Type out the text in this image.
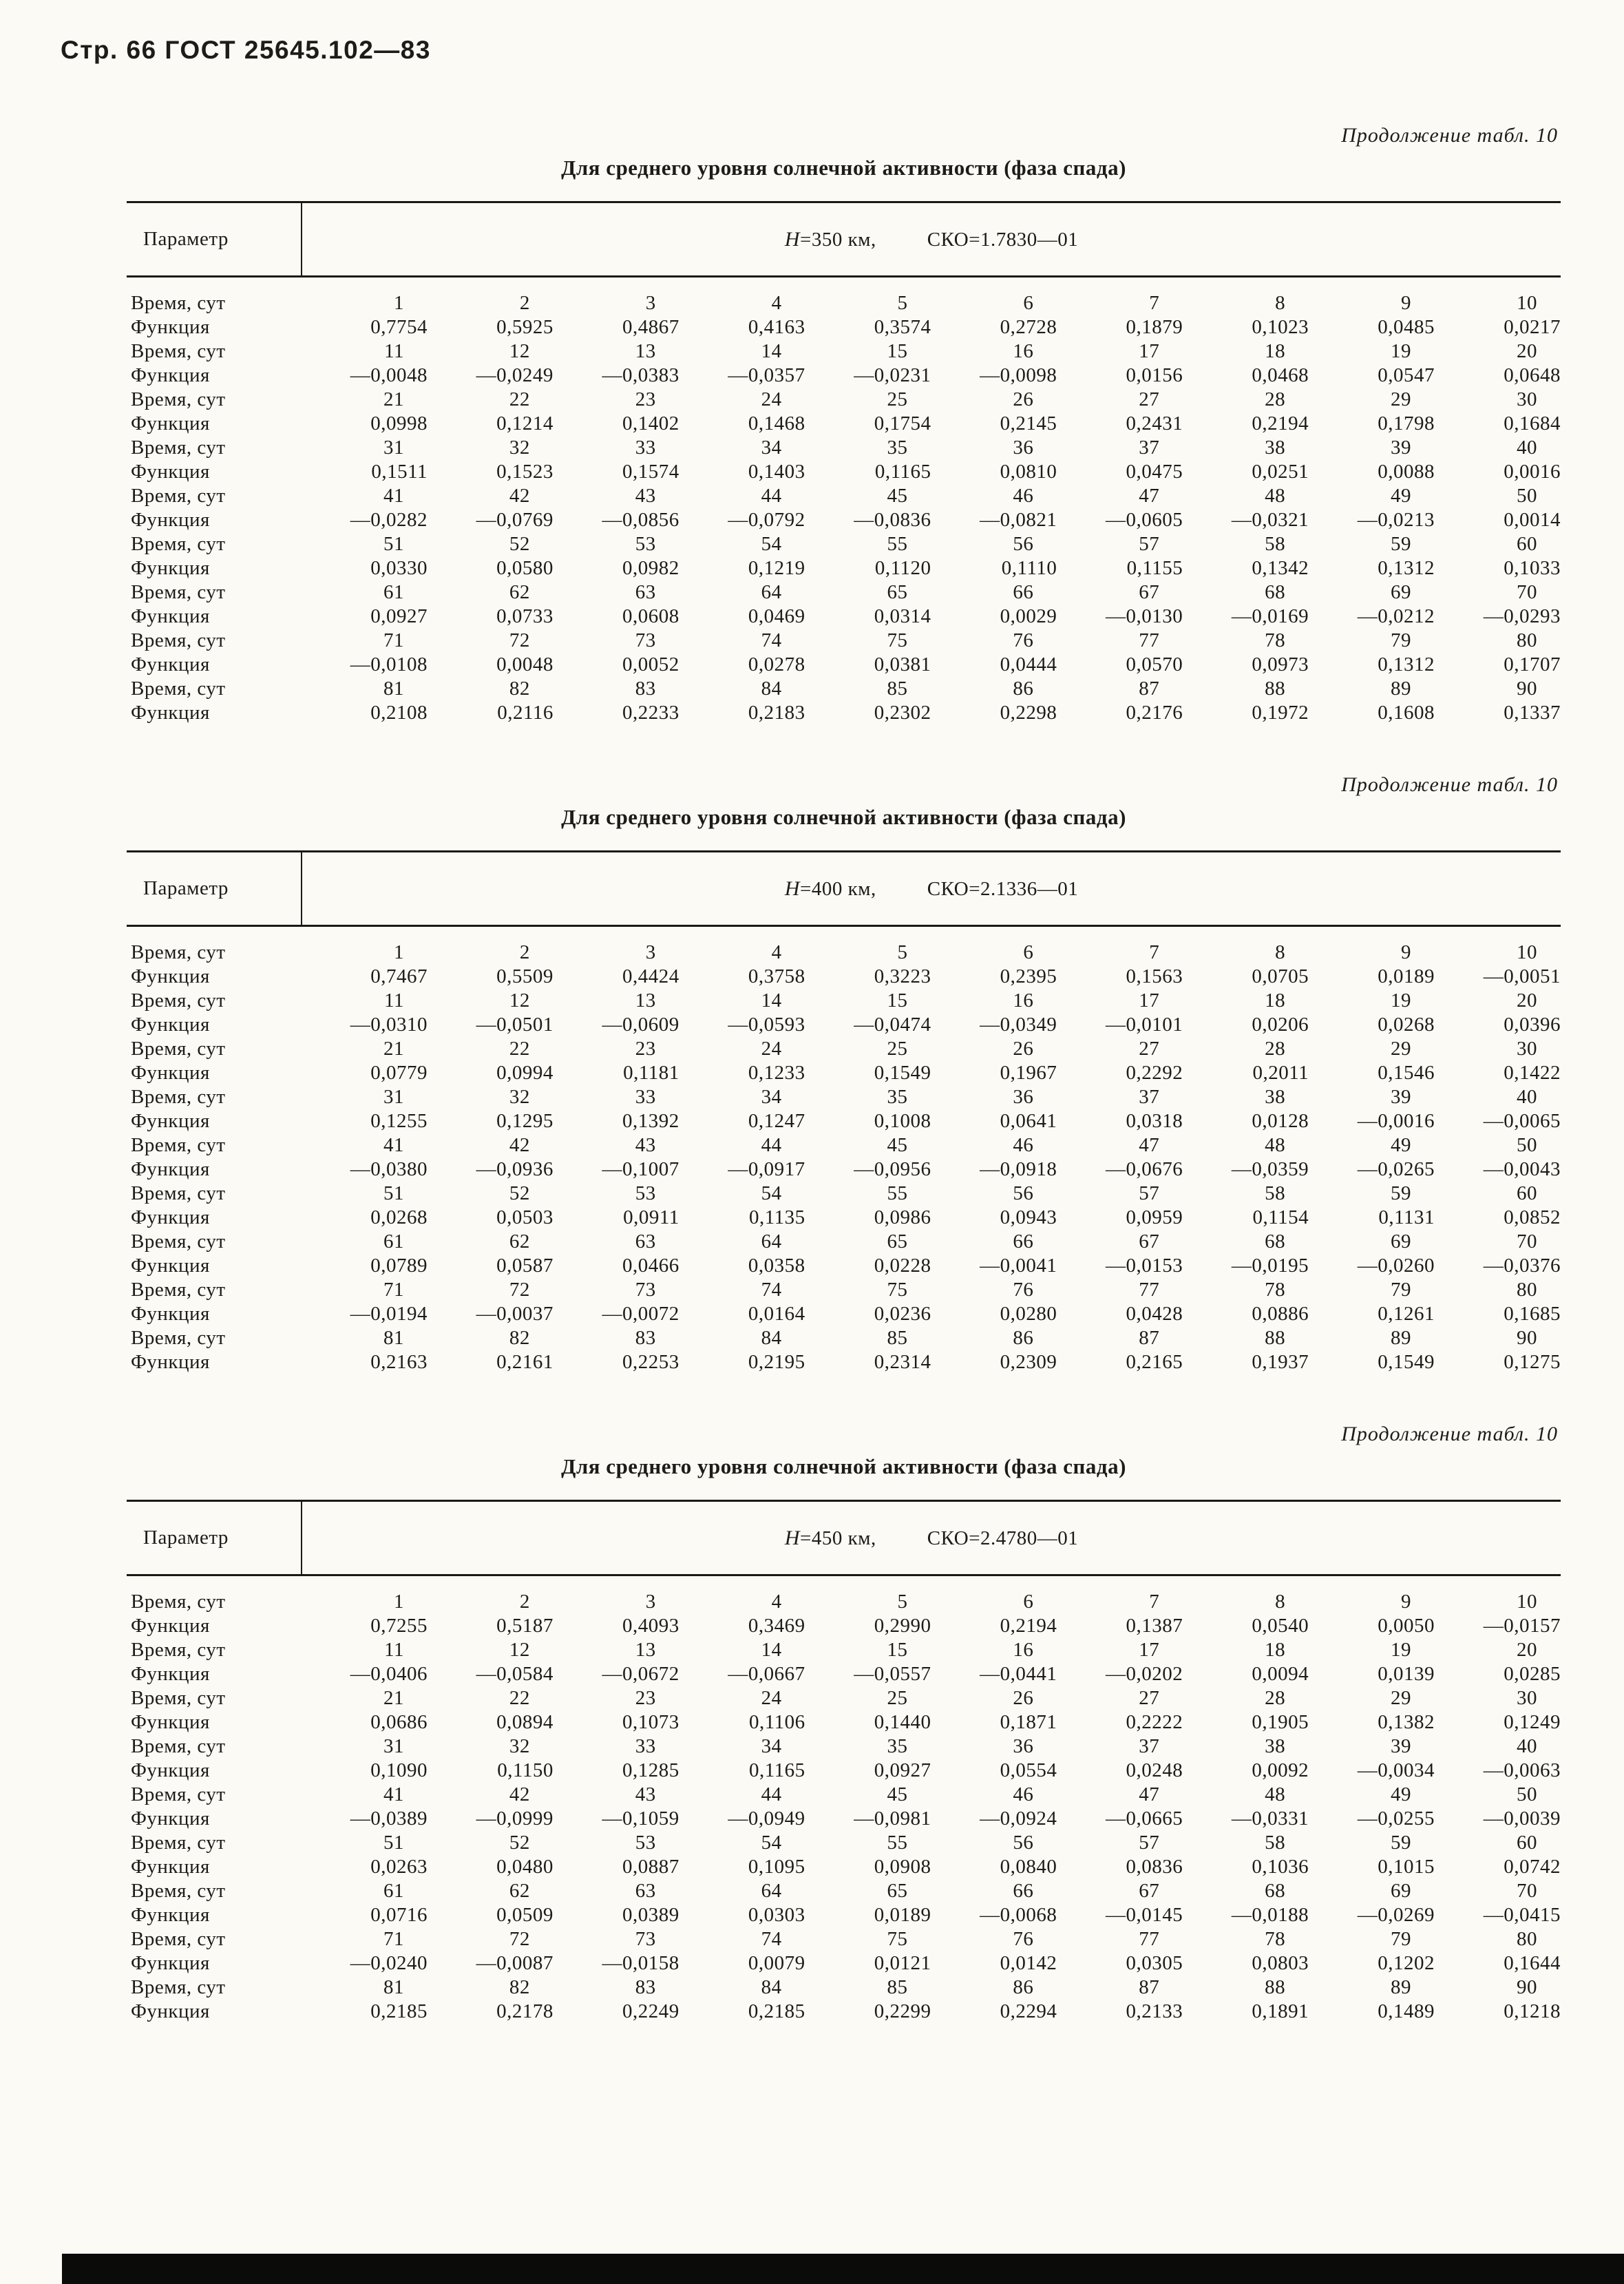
Стр. 66 ГОСТ 25645.102—83
Продолжение табл. 10
Для среднего уровня солнечной активности (фаза спада)
Параметр	H=350 км, СКО=1.7830—01									
Время, сут	1	2	3	4	5	6	7	8	9	10
Функция	0,7754	0,5925	0,4867	0,4163	0,3574	0,2728	0,1879	0,1023	0,0485	0,0217
Время, сут	11	12	13	14	15	16	17	18	19	20
Функция	—0,0048	—0,0249	—0,0383	—0,0357	—0,0231	—0,0098	0,0156	0,0468	0,0547	0,0648
Время, сут	21	22	23	24	25	26	27	28	29	30
Функция	0,0998	0,1214	0,1402	0,1468	0,1754	0,2145	0,2431	0,2194	0,1798	0,1684
Время, сут	31	32	33	34	35	36	37	38	39	40
Функция	0,1511	0,1523	0,1574	0,1403	0,1165	0,0810	0,0475	0,0251	0,0088	0,0016
Время, сут	41	42	43	44	45	46	47	48	49	50
Функция	—0,0282	—0,0769	—0,0856	—0,0792	—0,0836	—0,0821	—0,0605	—0,0321	—0,0213	0,0014
Время, сут	51	52	53	54	55	56	57	58	59	60
Функция	0,0330	0,0580	0,0982	0,1219	0,1120	0,1110	0,1155	0,1342	0,1312	0,1033
Время, сут	61	62	63	64	65	66	67	68	69	70
Функция	0,0927	0,0733	0,0608	0,0469	0,0314	0,0029	—0,0130	—0,0169	—0,0212	—0,0293
Время, сут	71	72	73	74	75	76	77	78	79	80
Функция	—0,0108	0,0048	0,0052	0,0278	0,0381	0,0444	0,0570	0,0973	0,1312	0,1707
Время, сут	81	82	83	84	85	86	87	88	89	90
Функция	0,2108	0,2116	0,2233	0,2183	0,2302	0,2298	0,2176	0,1972	0,1608	0,1337
Продолжение табл. 10
Для среднего уровня солнечной активности (фаза спада)
Параметр	H=400 км, СКО=2.1336—01									
Время, сут	1	2	3	4	5	6	7	8	9	10
Функция	0,7467	0,5509	0,4424	0,3758	0,3223	0,2395	0,1563	0,0705	0,0189	—0,0051
Время, сут	11	12	13	14	15	16	17	18	19	20
Функция	—0,0310	—0,0501	—0,0609	—0,0593	—0,0474	—0,0349	—0,0101	0,0206	0,0268	0,0396
Время, сут	21	22	23	24	25	26	27	28	29	30
Функция	0,0779	0,0994	0,1181	0,1233	0,1549	0,1967	0,2292	0,2011	0,1546	0,1422
Время, сут	31	32	33	34	35	36	37	38	39	40
Функция	0,1255	0,1295	0,1392	0,1247	0,1008	0,0641	0,0318	0,0128	—0,0016	—0,0065
Время, сут	41	42	43	44	45	46	47	48	49	50
Функция	—0,0380	—0,0936	—0,1007	—0,0917	—0,0956	—0,0918	—0,0676	—0,0359	—0,0265	—0,0043
Время, сут	51	52	53	54	55	56	57	58	59	60
Функция	0,0268	0,0503	0,0911	0,1135	0,0986	0,0943	0,0959	0,1154	0,1131	0,0852
Время, сут	61	62	63	64	65	66	67	68	69	70
Функция	0,0789	0,0587	0,0466	0,0358	0,0228	—0,0041	—0,0153	—0,0195	—0,0260	—0,0376
Время, сут	71	72	73	74	75	76	77	78	79	80
Функция	—0,0194	—0,0037	—0,0072	0,0164	0,0236	0,0280	0,0428	0,0886	0,1261	0,1685
Время, сут	81	82	83	84	85	86	87	88	89	90
Функция	0,2163	0,2161	0,2253	0,2195	0,2314	0,2309	0,2165	0,1937	0,1549	0,1275
Продолжение табл. 10
Для среднего уровня солнечной активности (фаза спада)
Параметр	H=450 км, СКО=2.4780—01									
Время, сут	1	2	3	4	5	6	7	8	9	10
Функция	0,7255	0,5187	0,4093	0,3469	0,2990	0,2194	0,1387	0,0540	0,0050	—0,0157
Время, сут	11	12	13	14	15	16	17	18	19	20
Функция	—0,0406	—0,0584	—0,0672	—0,0667	—0,0557	—0,0441	—0,0202	0,0094	0,0139	0,0285
Время, сут	21	22	23	24	25	26	27	28	29	30
Функция	0,0686	0,0894	0,1073	0,1106	0,1440	0,1871	0,2222	0,1905	0,1382	0,1249
Время, сут	31	32	33	34	35	36	37	38	39	40
Функция	0,1090	0,1150	0,1285	0,1165	0,0927	0,0554	0,0248	0,0092	—0,0034	—0,0063
Время, сут	41	42	43	44	45	46	47	48	49	50
Функция	—0,0389	—0,0999	—0,1059	—0,0949	—0,0981	—0,0924	—0,0665	—0,0331	—0,0255	—0,0039
Время, сут	51	52	53	54	55	56	57	58	59	60
Функция	0,0263	0,0480	0,0887	0,1095	0,0908	0,0840	0,0836	0,1036	0,1015	0,0742
Время, сут	61	62	63	64	65	66	67	68	69	70
Функция	0,0716	0,0509	0,0389	0,0303	0,0189	—0,0068	—0,0145	—0,0188	—0,0269	—0,0415
Время, сут	71	72	73	74	75	76	77	78	79	80
Функция	—0,0240	—0,0087	—0,0158	0,0079	0,0121	0,0142	0,0305	0,0803	0,1202	0,1644
Время, сут	81	82	83	84	85	86	87	88	89	90
Функция	0,2185	0,2178	0,2249	0,2185	0,2299	0,2294	0,2133	0,1891	0,1489	0,1218
